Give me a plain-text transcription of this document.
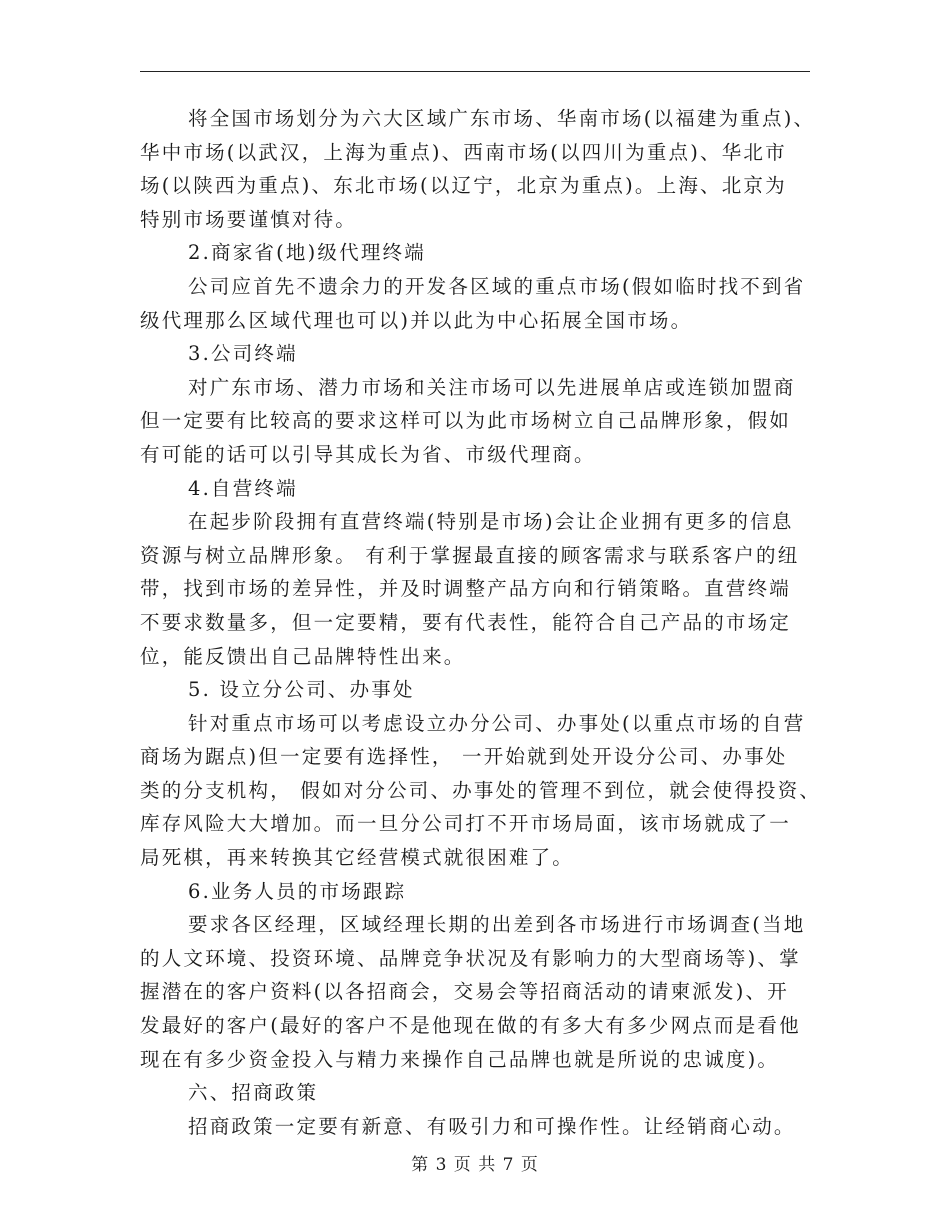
将全国市场划分为六大区域广东市场、华南市场(以福建为重点)、
华中市场(以武汉，上海为重点)、西南市场(以四川为重点)、华北市
场(以陕西为重点)、东北市场(以辽宁，北京为重点)。上海、北京为
特别市场要谨慎对待。
2.商家省(地)级代理终端
公司应首先不遗余力的开发各区域的重点市场(假如临时找不到省
级代理那么区域代理也可以)并以此为中心拓展全国市场。
3.公司终端
对广东市场、潜力市场和关注市场可以先进展单店或连锁加盟商
但一定要有比较高的要求这样可以为此市场树立自己品牌形象，假如
有可能的话可以引导其成长为省、市级代理商。
4.自营终端
在起步阶段拥有直营终端(特别是市场)会让企业拥有更多的信息
资源与树立品牌形象。 有利于掌握最直接的顾客需求与联系客户的纽
带，找到市场的差异性，并及时调整产品方向和行销策略。直营终端
不要求数量多，但一定要精，要有代表性，能符合自己产品的市场定
位，能反馈出自己品牌特性出来。
5. 设立分公司、办事处
针对重点市场可以考虑设立办分公司、办事处(以重点市场的自营
商场为踞点)但一定要有选择性， 一开始就到处开设分公司、办事处
类的分支机构， 假如对分公司、办事处的管理不到位，就会使得投资、
库存风险大大增加。而一旦分公司打不开市场局面，该市场就成了一
局死棋，再来转换其它经营模式就很困难了。
6.业务人员的市场跟踪
要求各区经理，区域经理长期的出差到各市场进行市场调查(当地
的人文环境、投资环境、品牌竞争状况及有影响力的大型商场等)、掌
握潜在的客户资料(以各招商会，交易会等招商活动的请柬派发)、开
发最好的客户(最好的客户不是他现在做的有多大有多少网点而是看他
现在有多少资金投入与精力来操作自己品牌也就是所说的忠诚度)。
六、招商政策
招商政策一定要有新意、有吸引力和可操作性。让经销商心动。
第 3 页 共 7 页
